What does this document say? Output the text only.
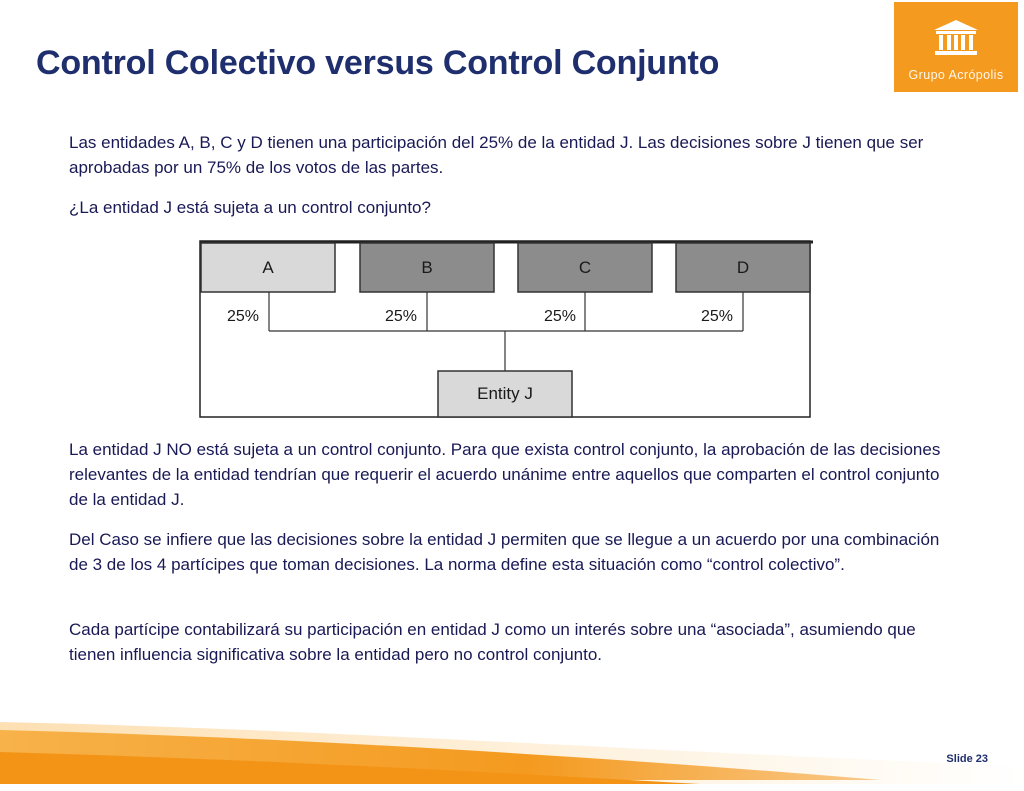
Control Colectivo versus Control Conjunto	Grupo Acrópolis

Las entidades A, B, C y D tienen una participación del 25% de la entidad J. Las decisiones sobre J tienen que ser aprobadas por un 75% de los votos de las partes.

¿La entidad J está sujeta a un control conjunto?

A	B	C	D
25%	25%	25%	25%
Entity J

La entidad J NO está sujeta a un control conjunto. Para que exista control conjunto, la aprobación de las decisiones relevantes de la entidad tendrían que requerir el acuerdo unánime entre aquellos que comparten el control conjunto de la entidad J.

Del Caso se infiere que las decisiones sobre la entidad J permiten que se llegue a un acuerdo por una combinación de 3 de los 4 partícipes que toman decisiones. La norma define esta situación como “control colectivo”.

Cada partícipe contabilizará su participación en entidad J como un interés sobre una “asociada”, asumiendo que tienen influencia significativa sobre la entidad pero no control conjunto.

Slide 23
